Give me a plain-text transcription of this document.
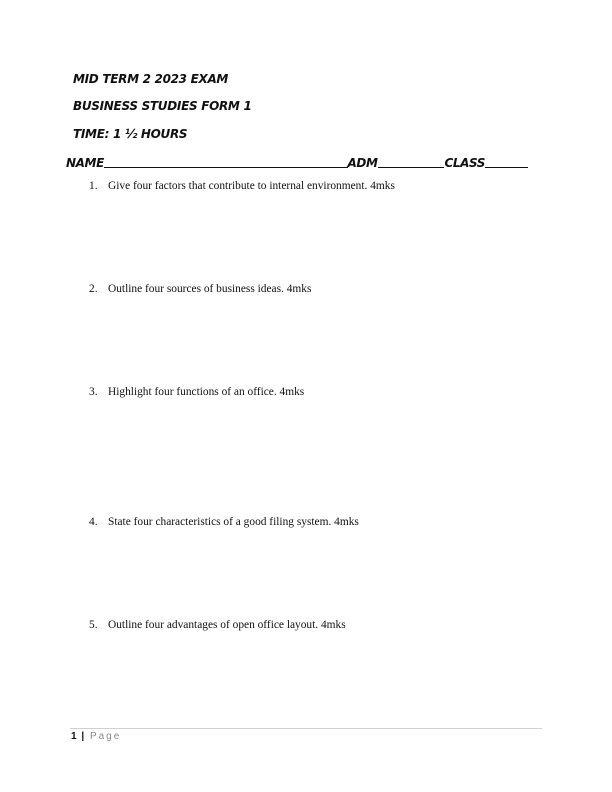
MID TERM 2 2023 EXAM
BUSINESS STUDIES FORM 1
TIME: 1 ½ HOURS
NAME	ADM	CLASS
1. Give four factors that contribute to internal environment. 4mks
2. Outline four sources of business ideas. 4mks
3. Highlight four functions of an office. 4mks
4. State four characteristics of a good filing system. 4mks
5. Outline four advantages of open office layout. 4mks
1 | Page
